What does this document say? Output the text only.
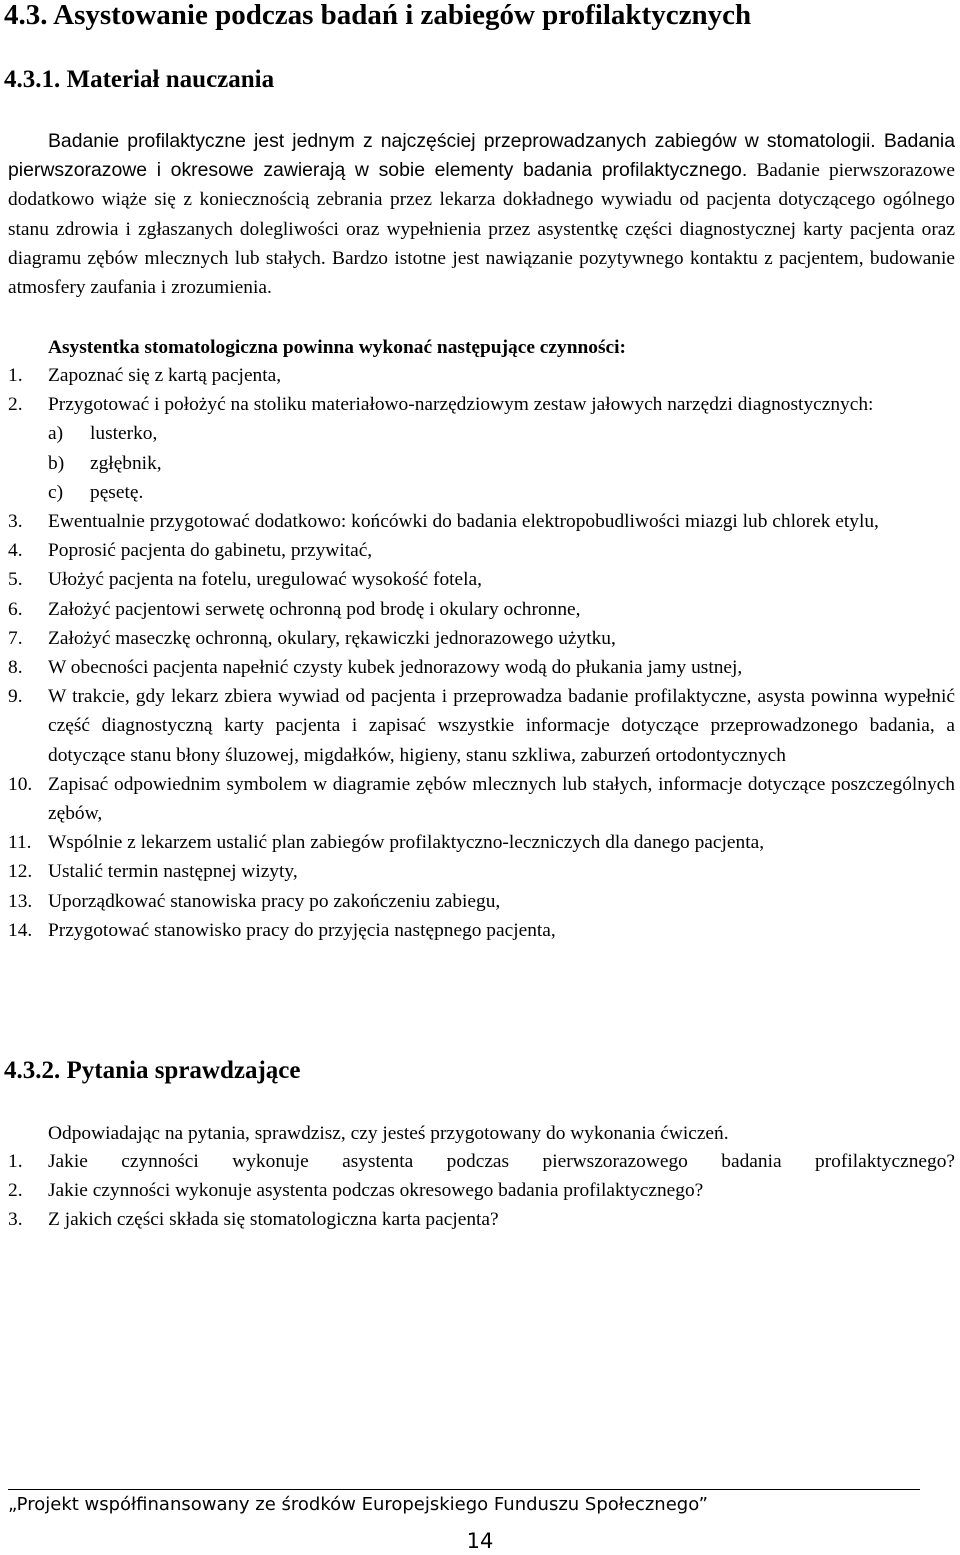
4.3. Asystowanie podczas badań i zabiegów profilaktycznych
4.3.1. Materiał nauczania

Badanie profilaktyczne jest jednym z najczęściej przeprowadzanych zabiegów w stomatologii. Badania pierwszorazowe i okresowe zawierają w sobie elementy badania profilaktycznego. Badanie pierwszorazowe dodatkowo wiąże się z koniecznością zebrania przez lekarza dokładnego wywiadu od pacjenta dotyczącego ogólnego stanu zdrowia i zgłaszanych dolegliwości oraz wypełnienia przez asystentkę części diagnostycznej karty pacjenta oraz diagramu zębów mlecznych lub stałych. Bardzo istotne jest nawiązanie pozytywnego kontaktu z pacjentem, budowanie atmosfery zaufania i zrozumienia.

Asystentka stomatologiczna powinna wykonać następujące czynności:
1. Zapoznać się z kartą pacjenta,
2. Przygotować i położyć na stoliku materiałowo-narzędziowym zestaw jałowych narzędzi diagnostycznych:
a) lusterko,
b) zgłębnik,
c) pęsetę.
3. Ewentualnie przygotować dodatkowo: końcówki do badania elektropobudliwości miazgi lub chlorek etylu,
4. Poprosić pacjenta do gabinetu, przywitać,
5. Ułożyć pacjenta na fotelu, uregulować wysokość fotela,
6. Założyć pacjentowi serwetę ochronną pod brodę i okulary ochronne,
7. Założyć maseczkę ochronną, okulary, rękawiczki jednorazowego użytku,
8. W obecności pacjenta napełnić czysty kubek jednorazowy wodą do płukania jamy ustnej,
9. W trakcie, gdy lekarz zbiera wywiad od pacjenta i przeprowadza badanie profilaktyczne, asysta powinna wypełnić część diagnostyczną karty pacjenta i zapisać wszystkie informacje dotyczące przeprowadzonego badania, a dotyczące stanu błony śluzowej, migdałków, higieny, stanu szkliwa, zaburzeń ortodontycznych
10. Zapisać odpowiednim symbolem w diagramie zębów mlecznych lub stałych, informacje dotyczące poszczególnych zębów,
11. Wspólnie z lekarzem ustalić plan zabiegów profilaktyczno-leczniczych dla danego pacjenta,
12. Ustalić termin następnej wizyty,
13. Uporządkować stanowiska pracy po zakończeniu zabiegu,
14. Przygotować stanowisko pracy do przyjęcia następnego pacjenta,
4.3.2. Pytania sprawdzające
Odpowiadając na pytania, sprawdzisz, czy jesteś przygotowany do wykonania ćwiczeń.
1. Jakie czynności wykonuje asystenta podczas pierwszorazowego badania profilaktycznego?
2. Jakie czynności wykonuje asystenta podczas okresowego badania profilaktycznego?
3. Z jakich części składa się stomatologiczna karta pacjenta?
„Projekt współfinansowany ze środków Europejskiego Funduszu Społecznego”
14
